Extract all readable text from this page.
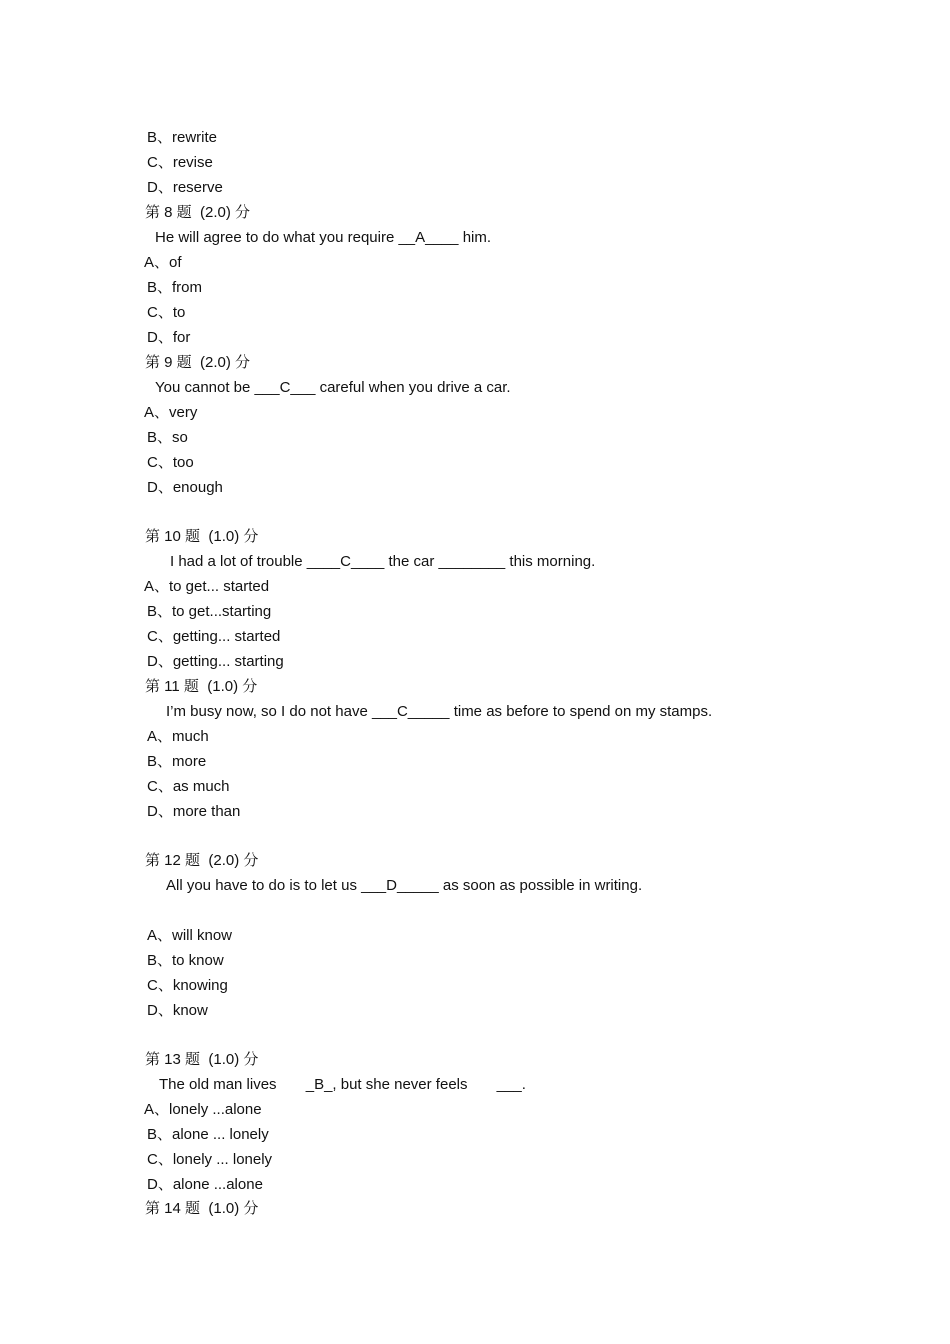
B、rewrite
C、revise
D、reserve
第 8 题  (2.0) 分
He will agree to do what you require __A____ him.
A、of
B、from
C、to
D、for
第 9 题  (2.0) 分
You cannot be ___C___ careful when you drive a car.
A、very
B、so
C、too
D、enough
第 10 题  (1.0) 分
I had a lot of trouble ____C____ the car ________ this morning.
A、to get... started
B、to get...starting
C、getting... started
D、getting... starting
第 11 题  (1.0) 分
I’m busy now, so I do not have ___C_____ time as before to spend on my stamps.
A、much
B、more
C、as much
D、more than
第 12 题  (2.0) 分
All you have to do is to let us ___D_____ as soon as possible in writing.
A、will know
B、to know
C、knowing
D、know
第 13 题  (1.0) 分
The old man lives       _B_, but she never feels       ___.
A、lonely ...alone
B、alone ... lonely
C、lonely ... lonely
D、alone ...alone
第 14 题  (1.0) 分
